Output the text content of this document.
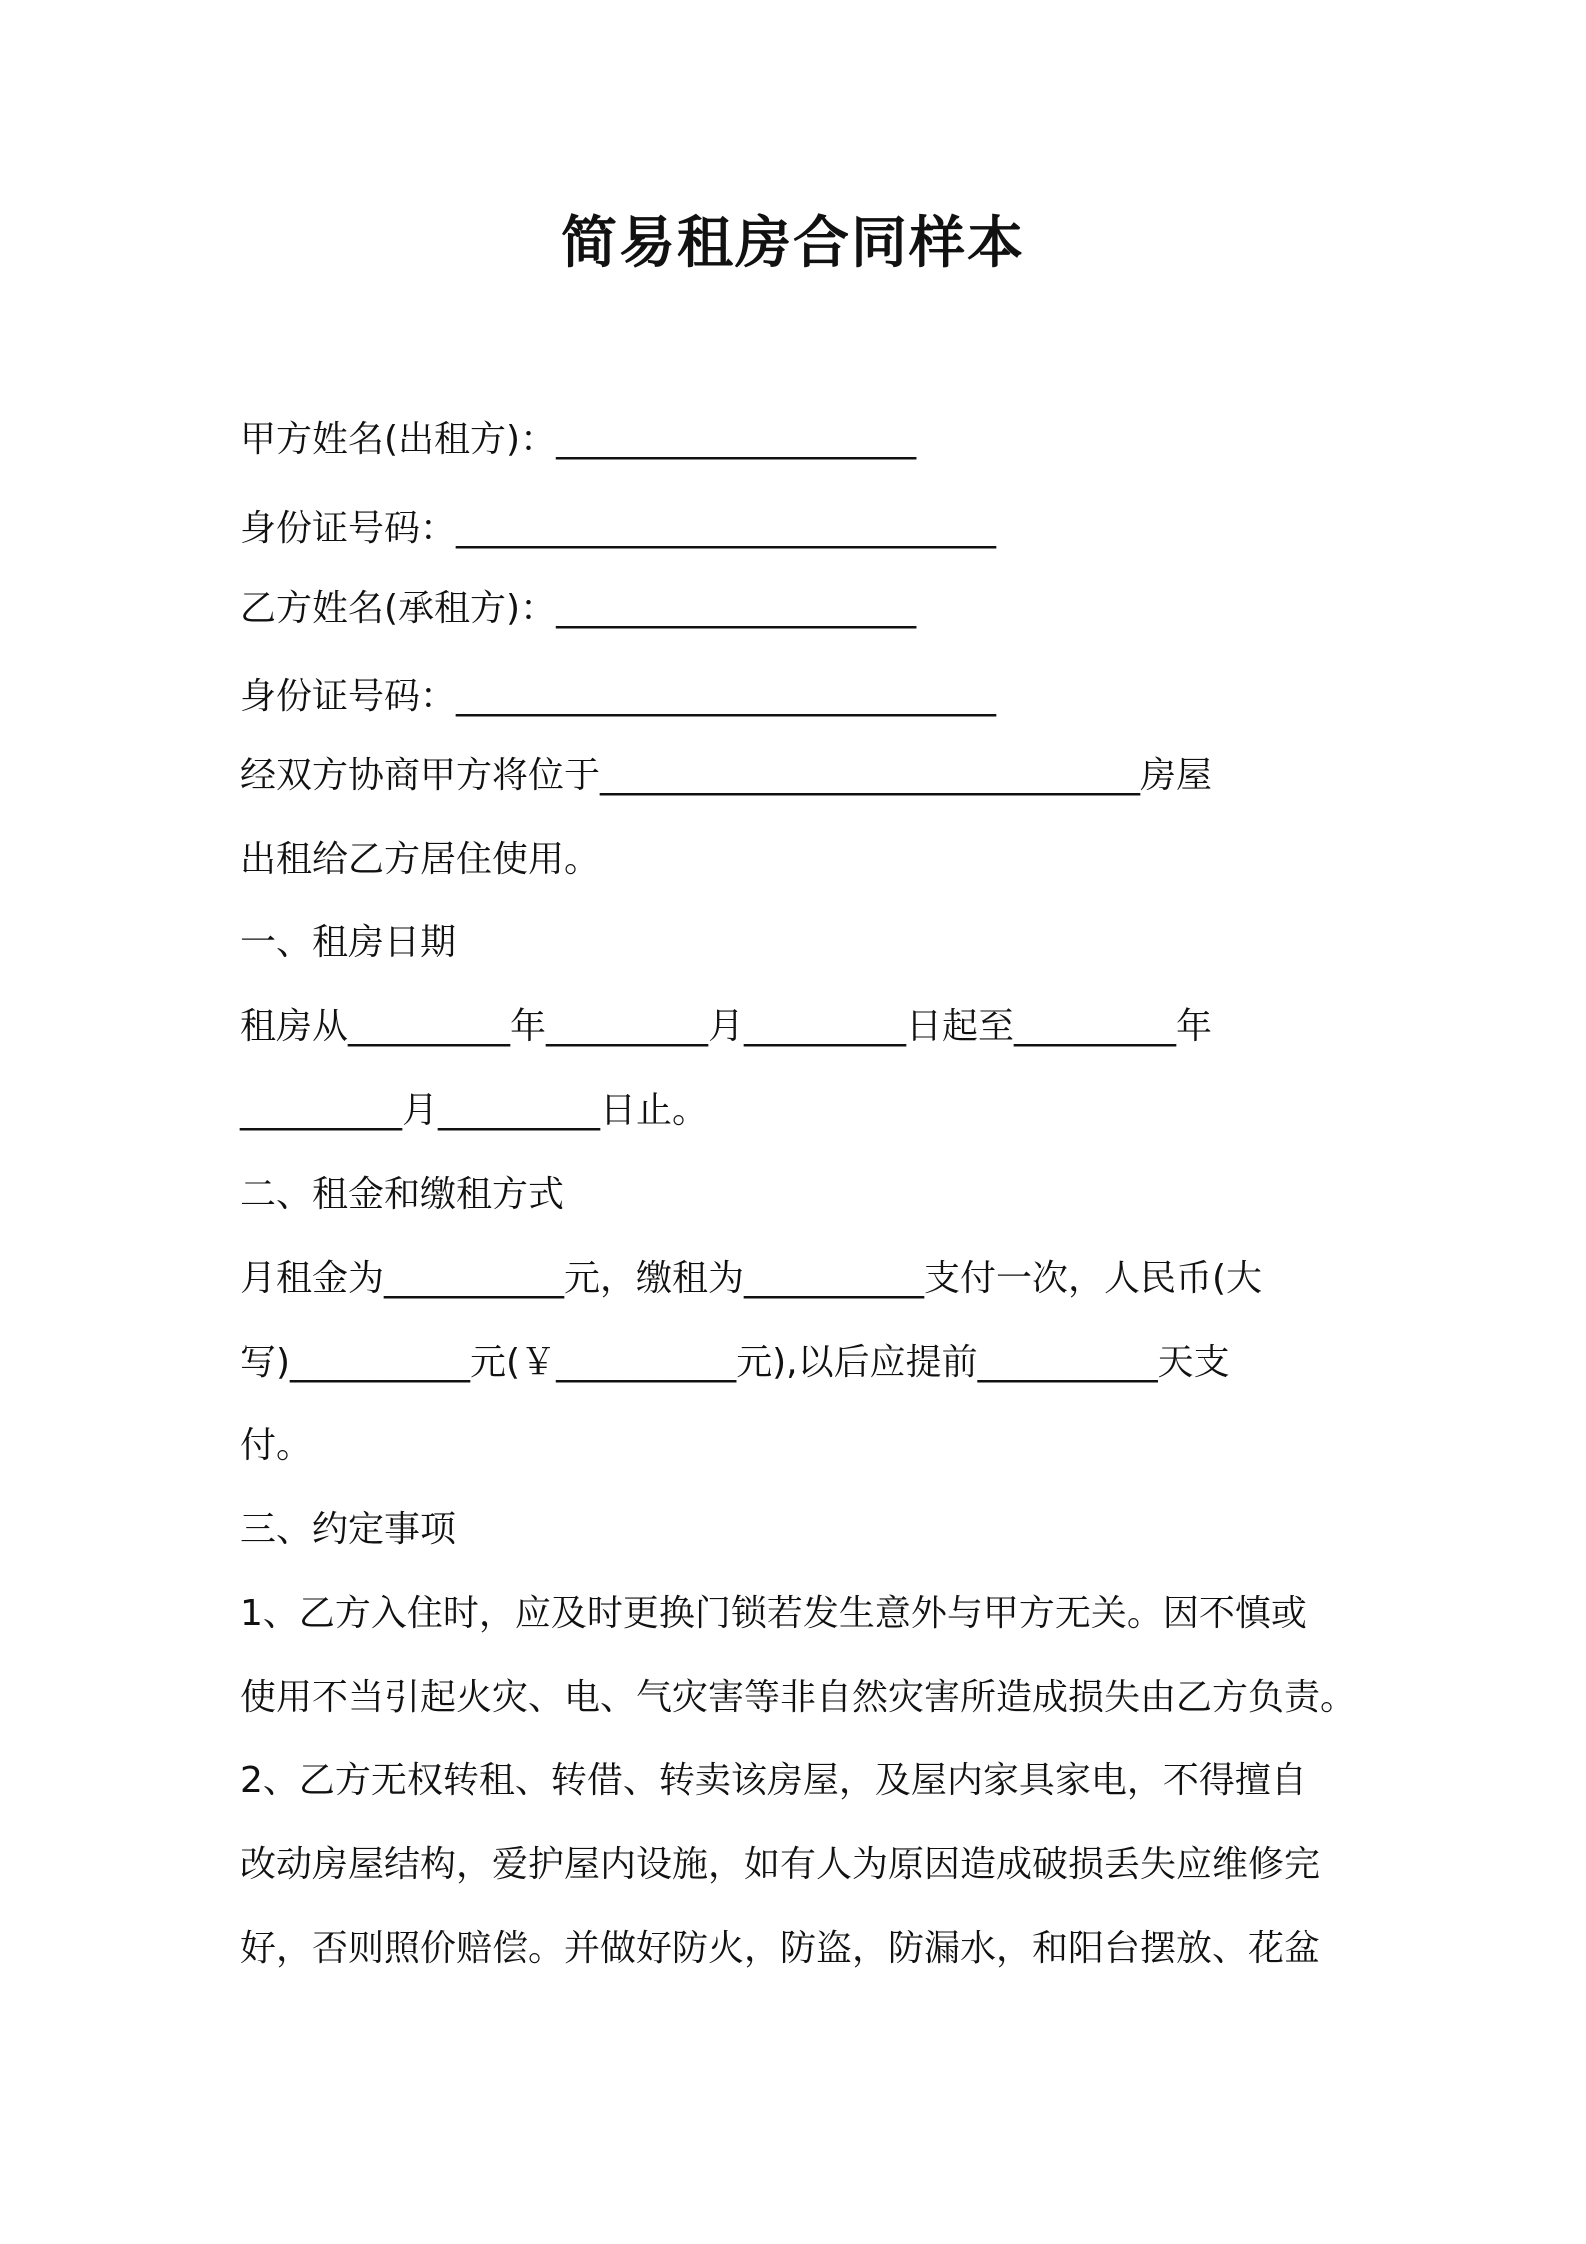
简易租房合同样本

甲方姓名(出租方)：____________________

身份证号码：______________________________

乙方姓名(承租方)：____________________

身份证号码：______________________________

经双方协商甲方将位于______________________________房屋

出租给乙方居住使用。

一、租房日期

租房从_________年_________月_________日起至_________年

_________月_________日止。

二、租金和缴租方式

月租金为__________元，缴租为__________支付一次，人民币(大

写)__________元(￥__________元),以后应提前__________天支

付。

三、约定事项

1、乙方入住时，应及时更换门锁若发生意外与甲方无关。因不慎或

使用不当引起火灾、电、气灾害等非自然灾害所造成损失由乙方负责。

2、乙方无权转租、转借、转卖该房屋，及屋内家具家电，不得擅自

改动房屋结构，爱护屋内设施，如有人为原因造成破损丢失应维修完

好，否则照价赔偿。并做好防火，防盗，防漏水，和阳台摆放、花盆
